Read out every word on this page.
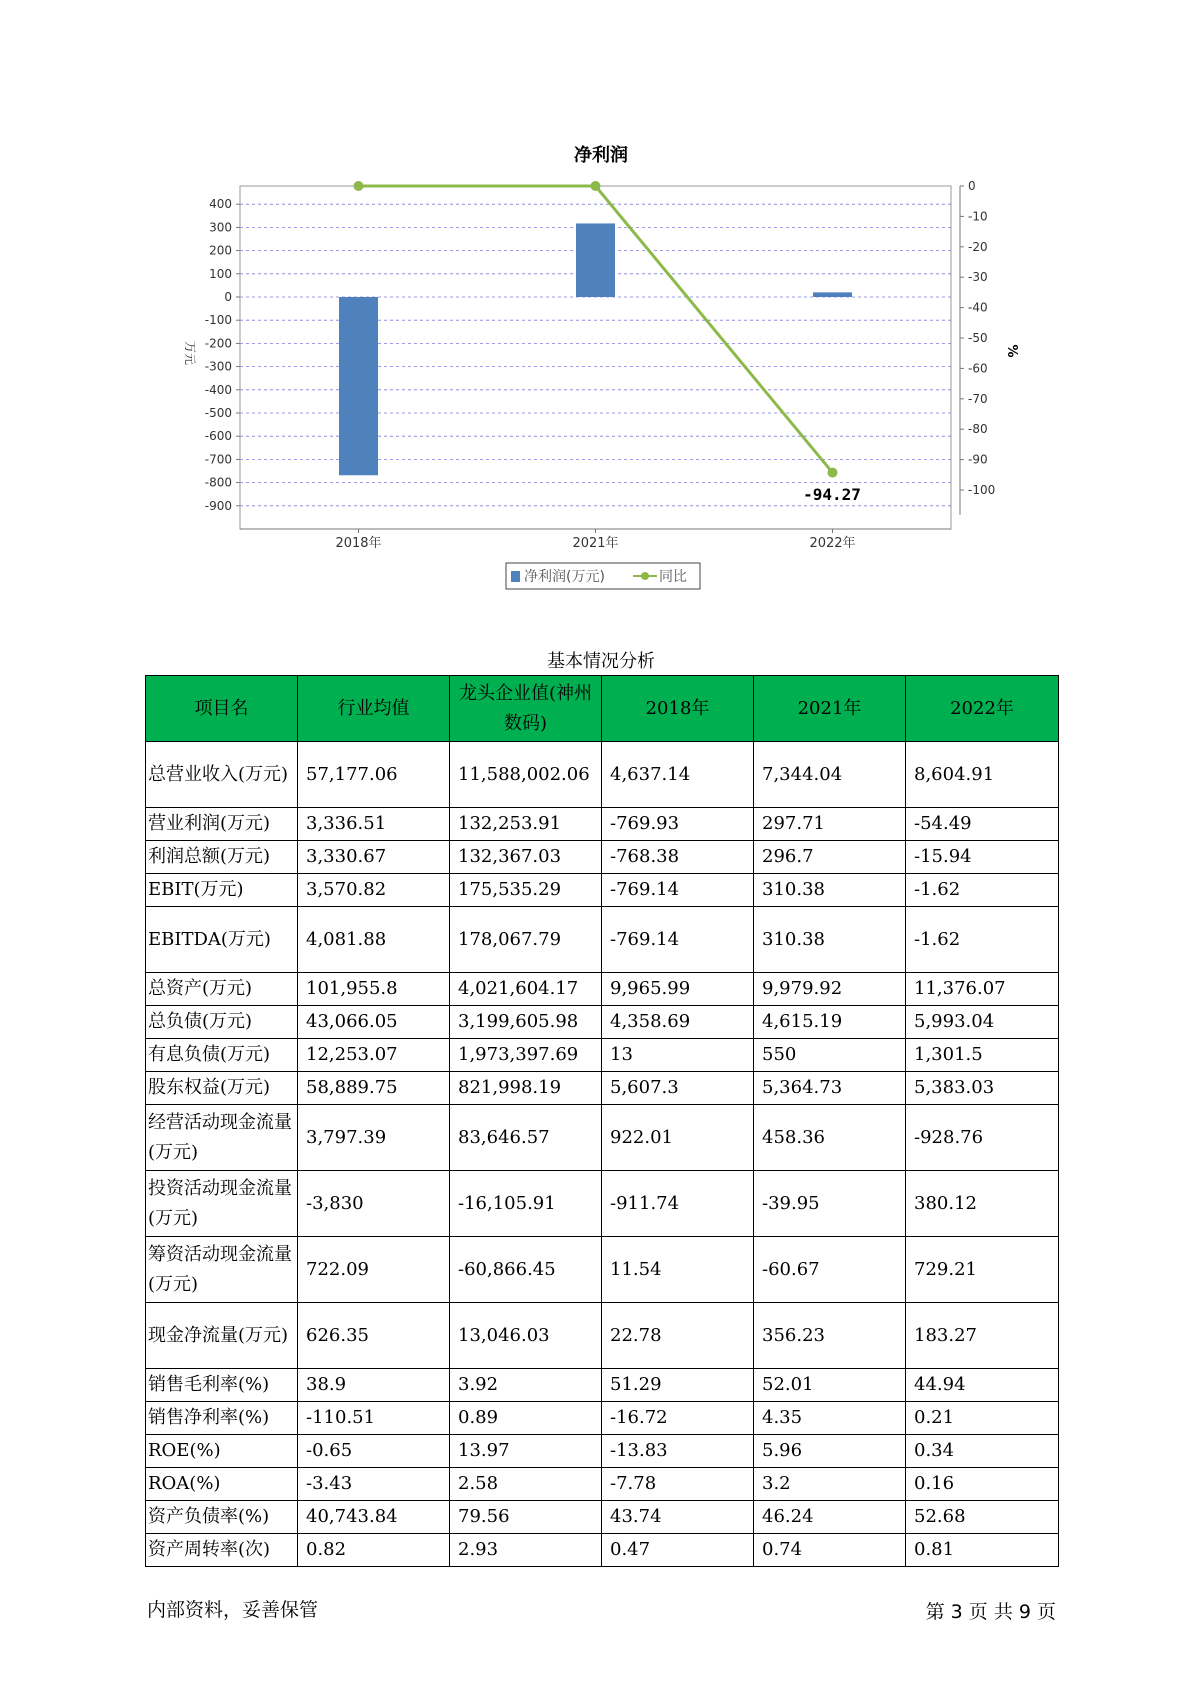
净利润
400
300
200
100
0
-100
-200
-300
-400
-500
-600
-700
-800
-900
0
-10
-20
-30
-40
-50
-60
-70
-80
-90
-100
2018年	2021年	2022年
万元	%
-94.27
净利润(万元)	同比
基本情况分析
项目名	行业均值	龙头企业值(神州数码)	2018年	2021年	2022年
总营业收入(万元)	57,177.06	11,588,002.06	4,637.14	7,344.04	8,604.91
营业利润(万元)	3,336.51	132,253.91	-769.93	297.71	-54.49
利润总额(万元)	3,330.67	132,367.03	-768.38	296.7	-15.94
EBIT(万元)	3,570.82	175,535.29	-769.14	310.38	-1.62
EBITDA(万元)	4,081.88	178,067.79	-769.14	310.38	-1.62
总资产(万元)	101,955.8	4,021,604.17	9,965.99	9,979.92	11,376.07
总负债(万元)	43,066.05	3,199,605.98	4,358.69	4,615.19	5,993.04
有息负债(万元)	12,253.07	1,973,397.69	13	550	1,301.5
股东权益(万元)	58,889.75	821,998.19	5,607.3	5,364.73	5,383.03
经营活动现金流量(万元)	3,797.39	83,646.57	922.01	458.36	-928.76
投资活动现金流量(万元)	-3,830	-16,105.91	-911.74	-39.95	380.12
筹资活动现金流量(万元)	722.09	-60,866.45	11.54	-60.67	729.21
现金净流量(万元)	626.35	13,046.03	22.78	356.23	183.27
销售毛利率(%)	38.9	3.92	51.29	52.01	44.94
销售净利率(%)	-110.51	0.89	-16.72	4.35	0.21
ROE(%)	-0.65	13.97	-13.83	5.96	0.34
ROA(%)	-3.43	2.58	-7.78	3.2	0.16
资产负债率(%)	40,743.84	79.56	43.74	46.24	52.68
资产周转率(次)	0.82	2.93	0.47	0.74	0.81
内部资料，妥善保管	第 3 页 共 9 页
